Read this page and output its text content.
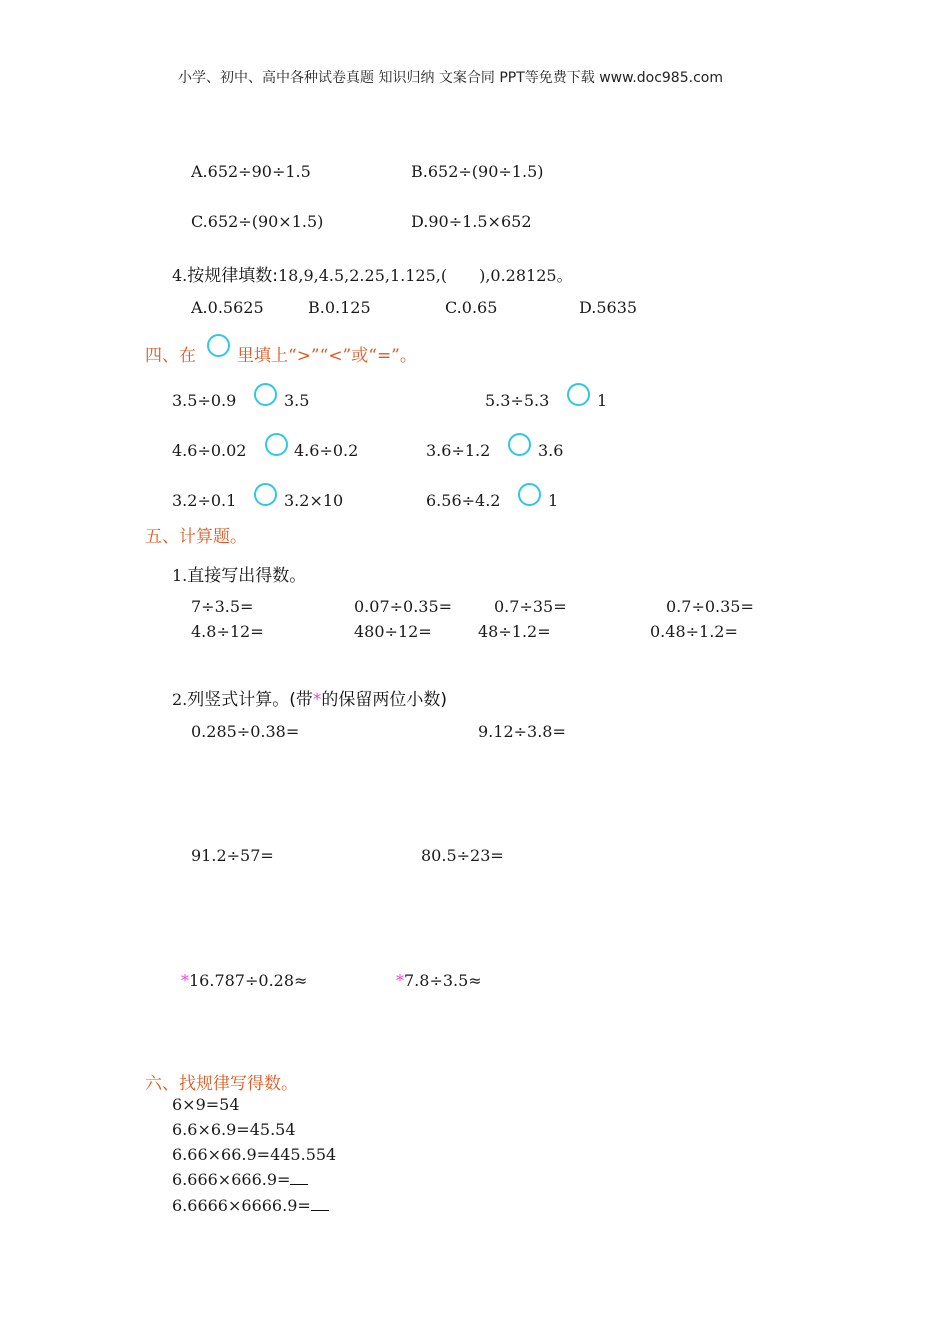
小学、初中、高中各种试卷真题 知识归纳 文案合同 PPT等免费下载 www.doc985.com
A.652÷90÷1.5	B.652÷(90÷1.5)
C.652÷(90×1.5)	D.90÷1.5×652
4.按规律填数:18,9,4.5,2.25,1.125,(　　),0.28125。
A.0.5625	B.0.125	C.0.65	D.5635
四、在 里填上“>”“<”或“=”。
3.5÷0.9	3.5	5.3÷5.3	1
4.6÷0.02	4.6÷0.2	3.6÷1.2	3.6
3.2÷0.1	3.2×10	6.56÷4.2	1
五、计算题。
1.直接写出得数。
7÷3.5=	0.07÷0.35=	0.7÷35=	0.7÷0.35=
4.8÷12=	480÷12=	48÷1.2=	0.48÷1.2=
2.列竖式计算。(带*的保留两位小数)
0.285÷0.38=	9.12÷3.8=
91.2÷57=	80.5÷23=
*16.787÷0.28≈	*7.8÷3.5≈
六、找规律写得数。
6×9=54
6.6×6.9=45.54
6.66×66.9=445.554
6.666×666.9=
6.6666×6666.9=
